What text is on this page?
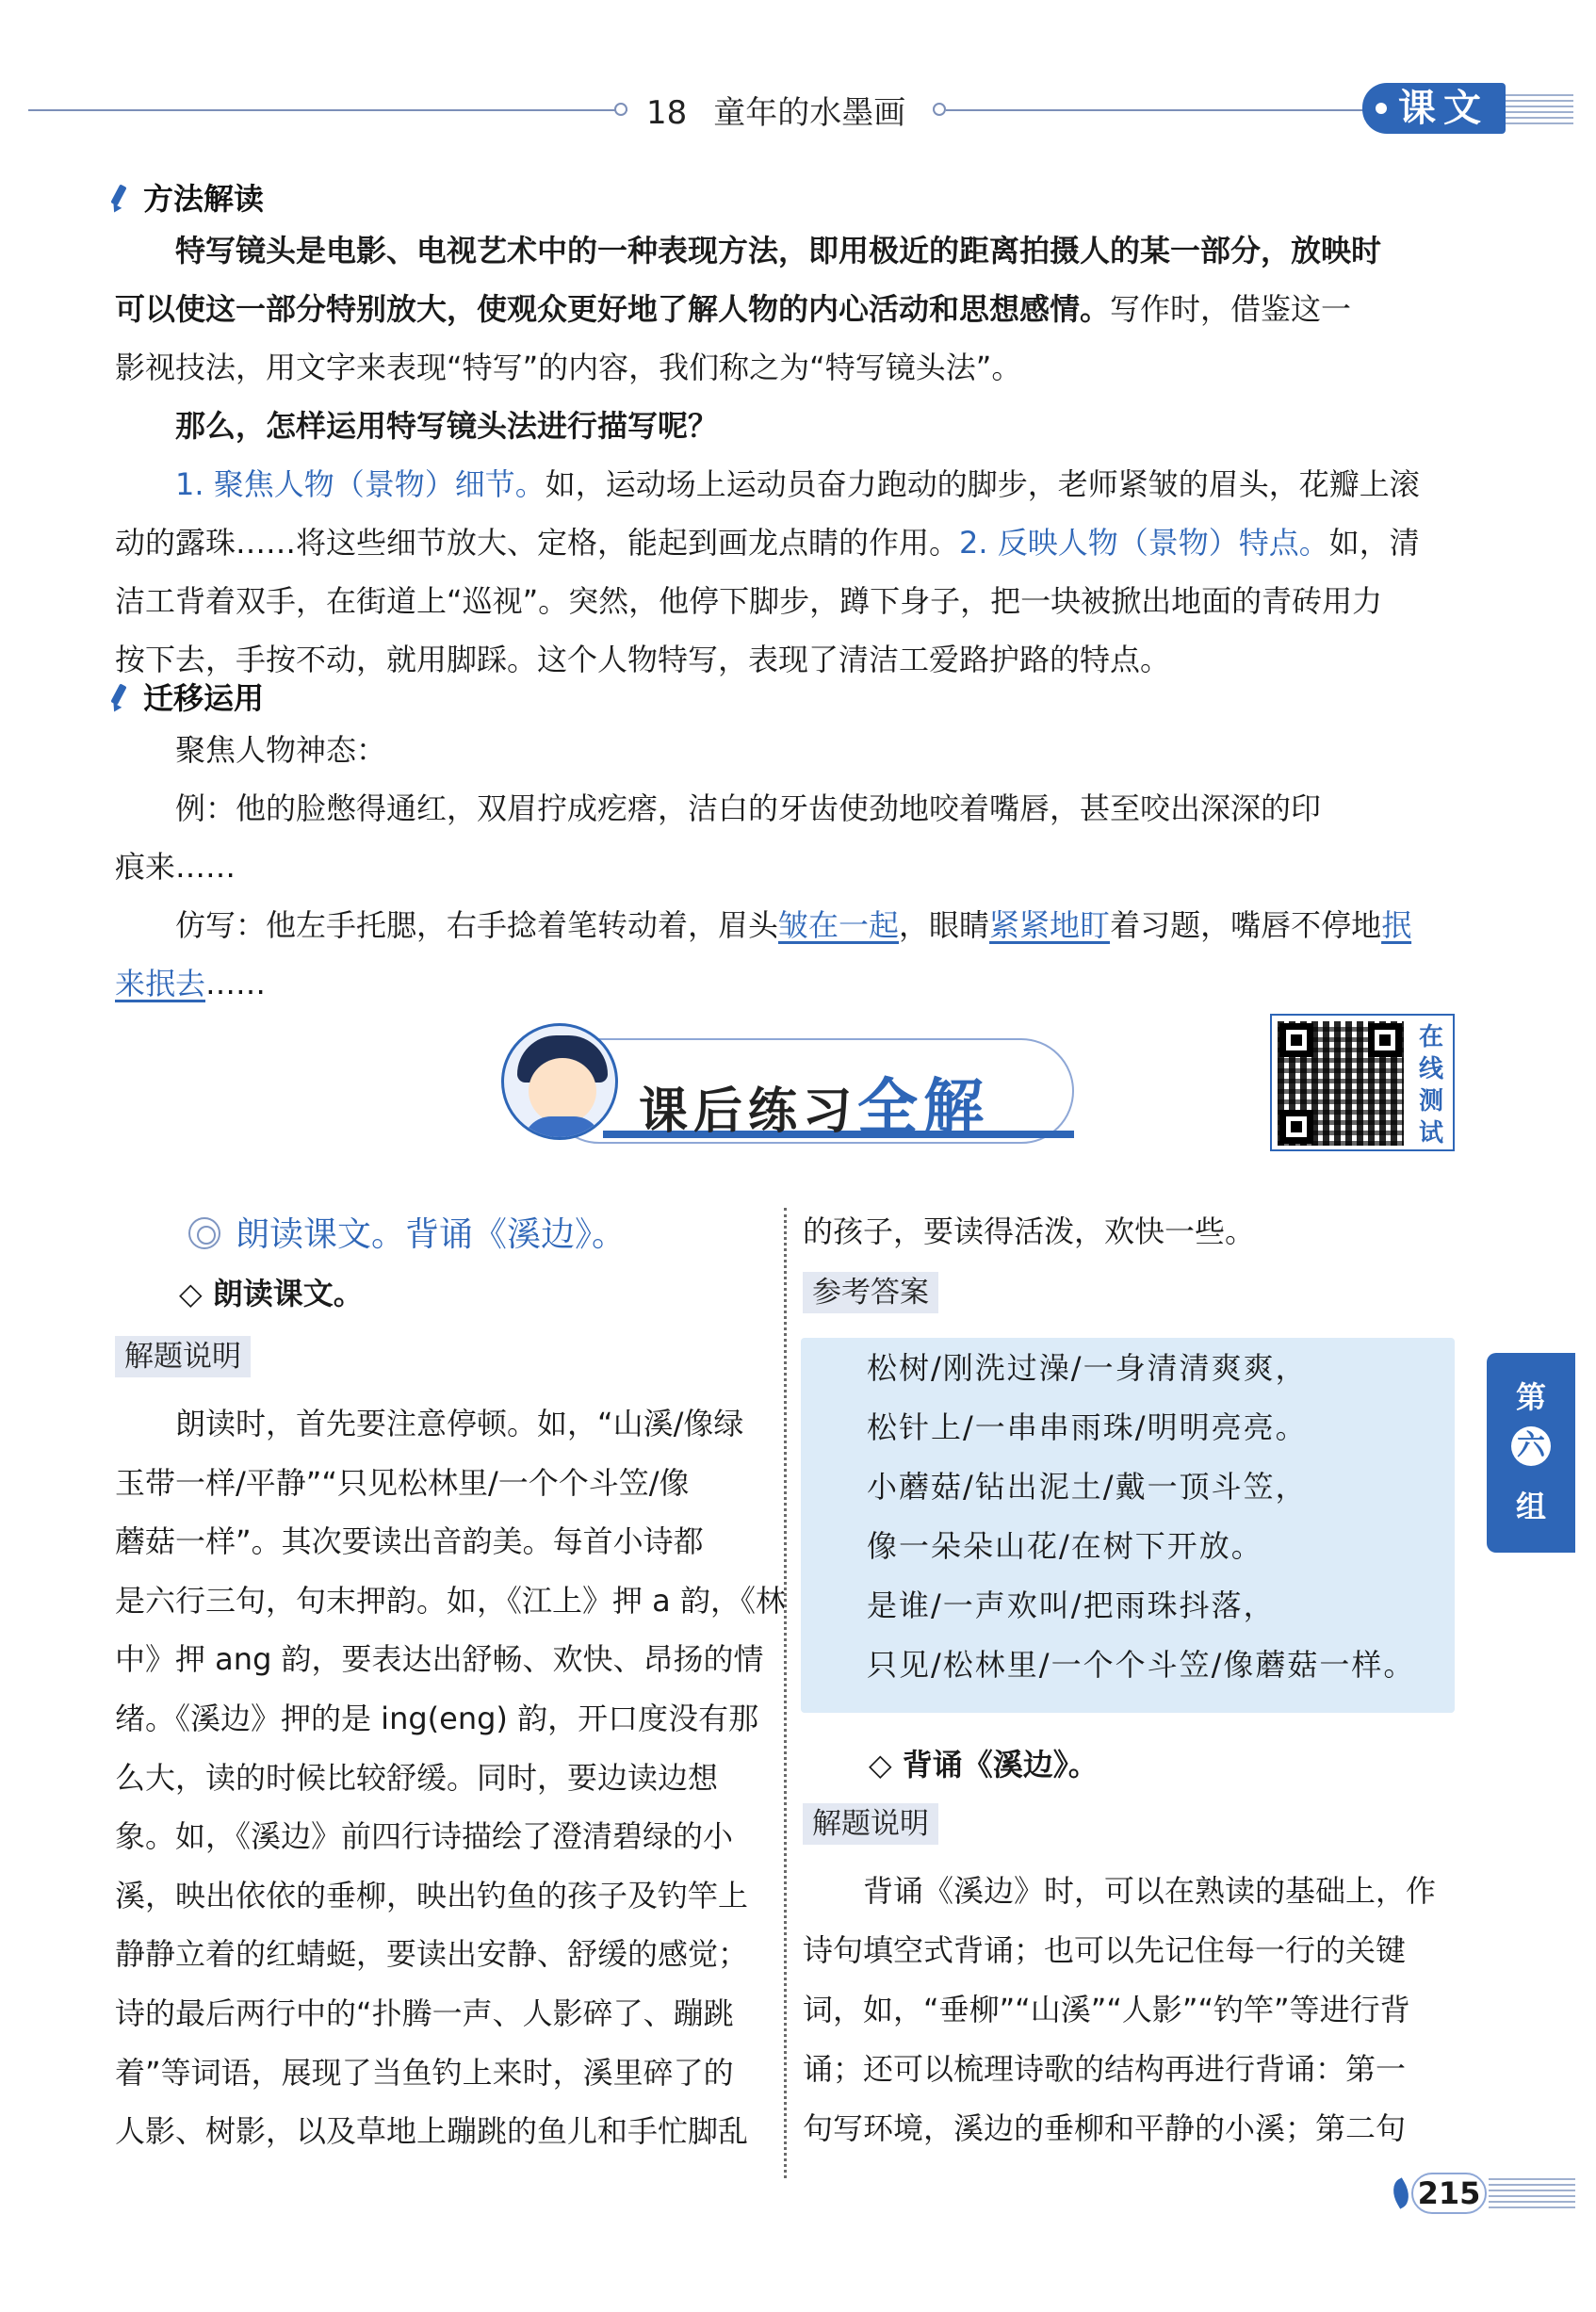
18 童年的水墨画	课文
方法解读
特写镜头是电影、电视艺术中的一种表现方法，即用极近的距离拍摄人的某一部分，放映时
可以使这一部分特别放大，使观众更好地了解人物的内心活动和思想感情。写作时，借鉴这一
影视技法，用文字来表现“特写”的内容，我们称之为“特写镜头法”。
那么，怎样运用特写镜头法进行描写呢？
1. 聚焦人物（景物）细节。如，运动场上运动员奋力跑动的脚步，老师紧皱的眉头，花瓣上滚
动的露珠……将这些细节放大、定格，能起到画龙点睛的作用。2. 反映人物（景物）特点。如，清
洁工背着双手，在街道上“巡视”。突然，他停下脚步，蹲下身子，把一块被掀出地面的青砖用力
按下去，手按不动，就用脚踩。这个人物特写，表现了清洁工爱路护路的特点。
迁移运用
聚焦人物神态：
例：他的脸憋得通红，双眉拧成疙瘩，洁白的牙齿使劲地咬着嘴唇，甚至咬出深深的印
痕来……
仿写：他左手托腮，右手捻着笔转动着，眉头皱在一起，眼睛紧紧地盯着习题，嘴唇不停地抿
来抿去……
课后练习全解
在
线
测
试
朗读课文。背诵《溪边》。
◇ 朗读课文。
解题说明
　　朗读时，首先要注意停顿。如，“山溪/像绿
玉带一样/平静”“只见松林里/一个个斗笠/像
蘑菇一样”。其次要读出音韵美。每首小诗都
是六行三句，句末押韵。如，《江上》押 a 韵，《林
中》押 ang 韵，要表达出舒畅、欢快、昂扬的情
绪。《溪边》押的是 ing(eng) 韵，开口度没有那
么大，读的时候比较舒缓。同时，要边读边想
象。如，《溪边》前四行诗描绘了澄清碧绿的小
溪，映出依依的垂柳，映出钓鱼的孩子及钓竿上
静静立着的红蜻蜓，要读出安静、舒缓的感觉；
诗的最后两行中的“扑腾一声、人影碎了、蹦跳
着”等词语，展现了当鱼钓上来时，溪里碎了的
人影、树影，以及草地上蹦跳的鱼儿和手忙脚乱
的孩子，要读得活泼，欢快一些。
参考答案
松树/刚洗过澡/一身清清爽爽，
松针上/一串串雨珠/明明亮亮。
小蘑菇/钻出泥土/戴一顶斗笠，
像一朵朵山花/在树下开放。
是谁/一声欢叫/把雨珠抖落，
只见/松林里/一个个斗笠/像蘑菇一样。
◇ 背诵《溪边》。
解题说明
　　背诵《溪边》时，可以在熟读的基础上，作
诗句填空式背诵；也可以先记住每一行的关键
词，如，“垂柳”“山溪”“人影”“钓竿”等进行背
诵；还可以梳理诗歌的结构再进行背诵：第一
句写环境，溪边的垂柳和平静的小溪；第二句
第
六
组
215
